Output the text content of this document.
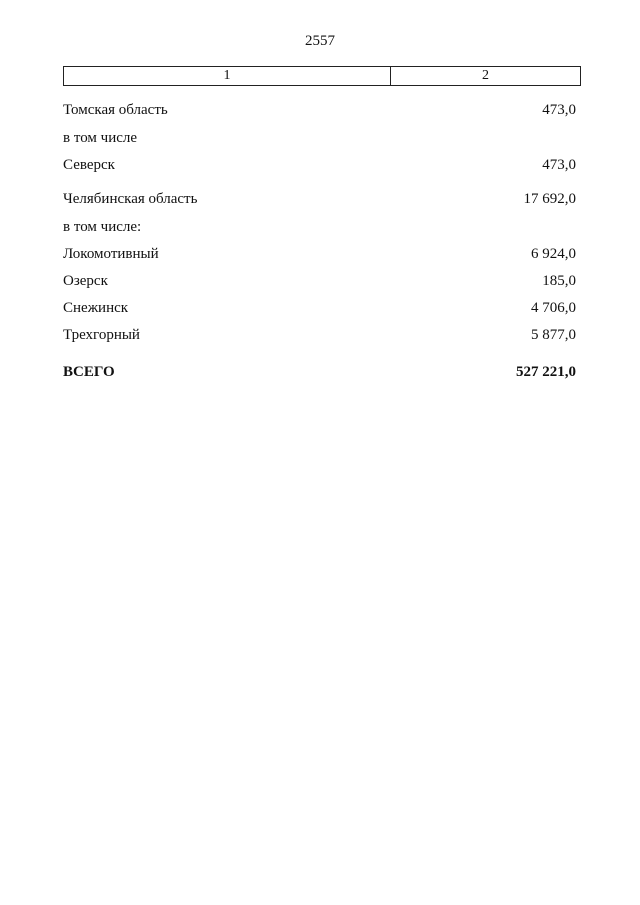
2557
1	2
Томская область	473,0
в том числе
Северск	473,0
Челябинская область	17 692,0
в том числе:
Локомотивный	6 924,0
Озерск	185,0
Снежинск	4 706,0
Трехгорный	5 877,0
ВСЕГО	527 221,0
